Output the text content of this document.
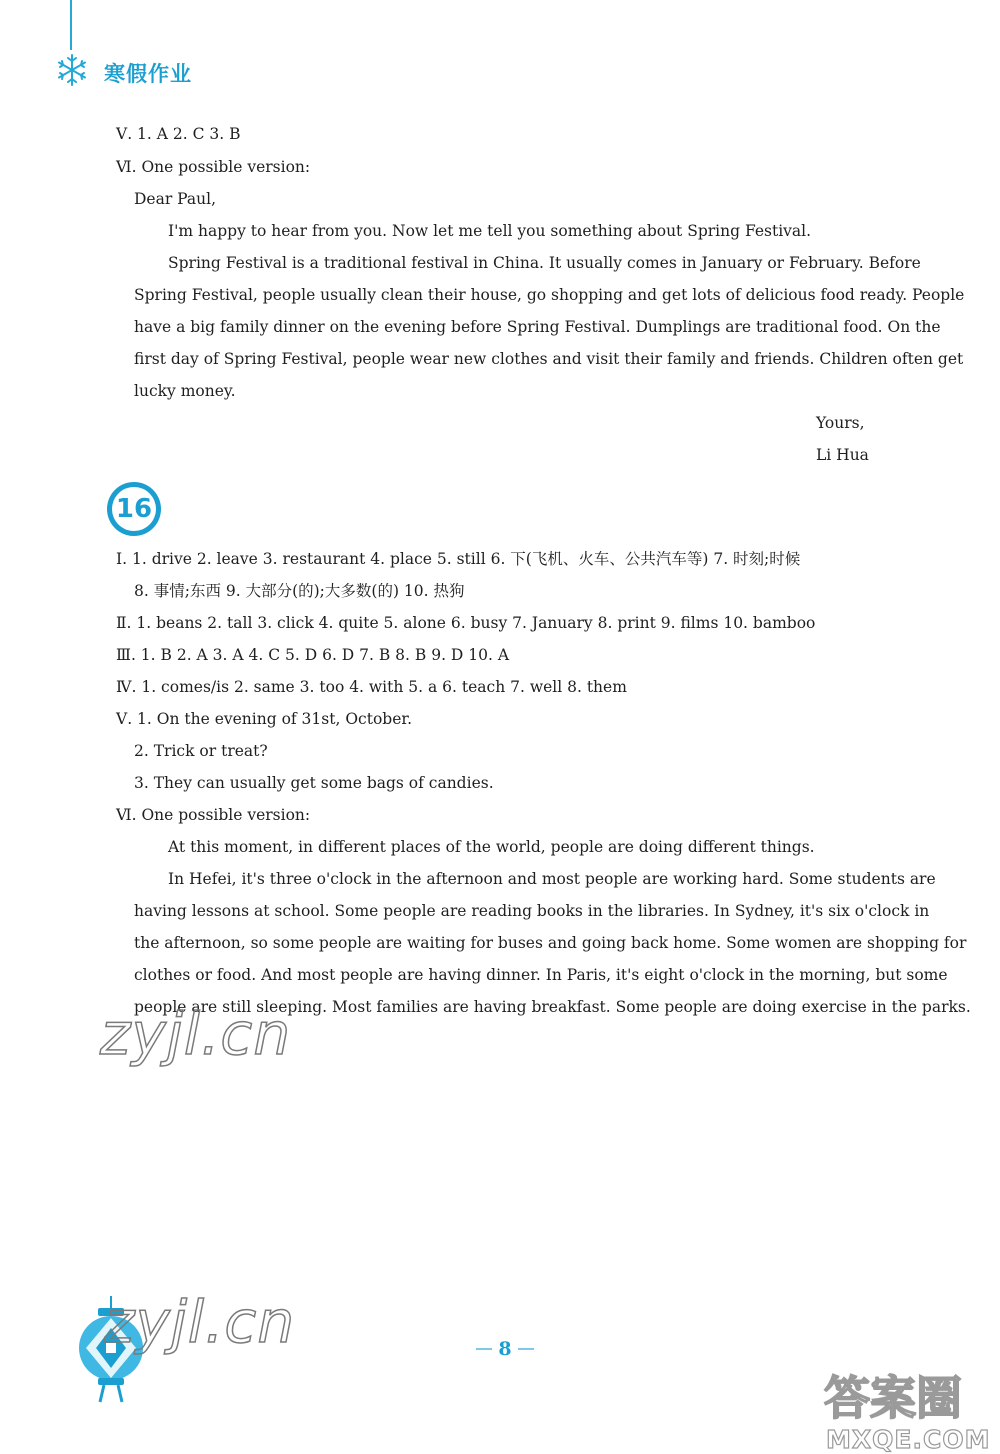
寒假作业
Ⅴ. 1. A 2. C 3. B
Ⅵ. One possible version:
Dear Paul,
I'm happy to hear from you. Now let me tell you something about Spring Festival.
Spring Festival is a traditional festival in China. It usually comes in January or February. Before
Spring Festival, people usually clean their house, go shopping and get lots of delicious food ready. People
have a big family dinner on the evening before Spring Festival. Dumplings are traditional food. On the
first day of Spring Festival, people wear new clothes and visit their family and friends. Children often get
lucky money.
Yours,
Li Hua
16
Ⅰ. 1. drive 2. leave 3. restaurant 4. place 5. still 6. 下(飞机、火车、公共汽车等) 7. 时刻;时候
8. 事情;东西 9. 大部分(的);大多数(的) 10. 热狗
Ⅱ. 1. beans 2. tall 3. click 4. quite 5. alone 6. busy 7. January 8. print 9. films 10. bamboo
Ⅲ. 1. B 2. A 3. A 4. C 5. D 6. D 7. B 8. B 9. D 10. A
Ⅳ. 1. comes/is 2. same 3. too 4. with 5. a 6. teach 7. well 8. them
Ⅴ. 1. On the evening of 31st, October.
2. Trick or treat?
3. They can usually get some bags of candies.
Ⅵ. One possible version:
At this moment, in different places of the world, people are doing different things.
In Hefei, it's three o'clock in the afternoon and most people are working hard. Some students are
having lessons at school. Some people are reading books in the libraries. In Sydney, it's six o'clock in
the afternoon, so some people are waiting for buses and going back home. Some women are shopping for
clothes or food. And most people are having dinner. In Paris, it's eight o'clock in the morning, but some
people are still sleeping. Most families are having breakfast. Some people are doing exercise in the parks.
zyjl.cn
zyjl.cn	8
答案圈
MXQE.COM
